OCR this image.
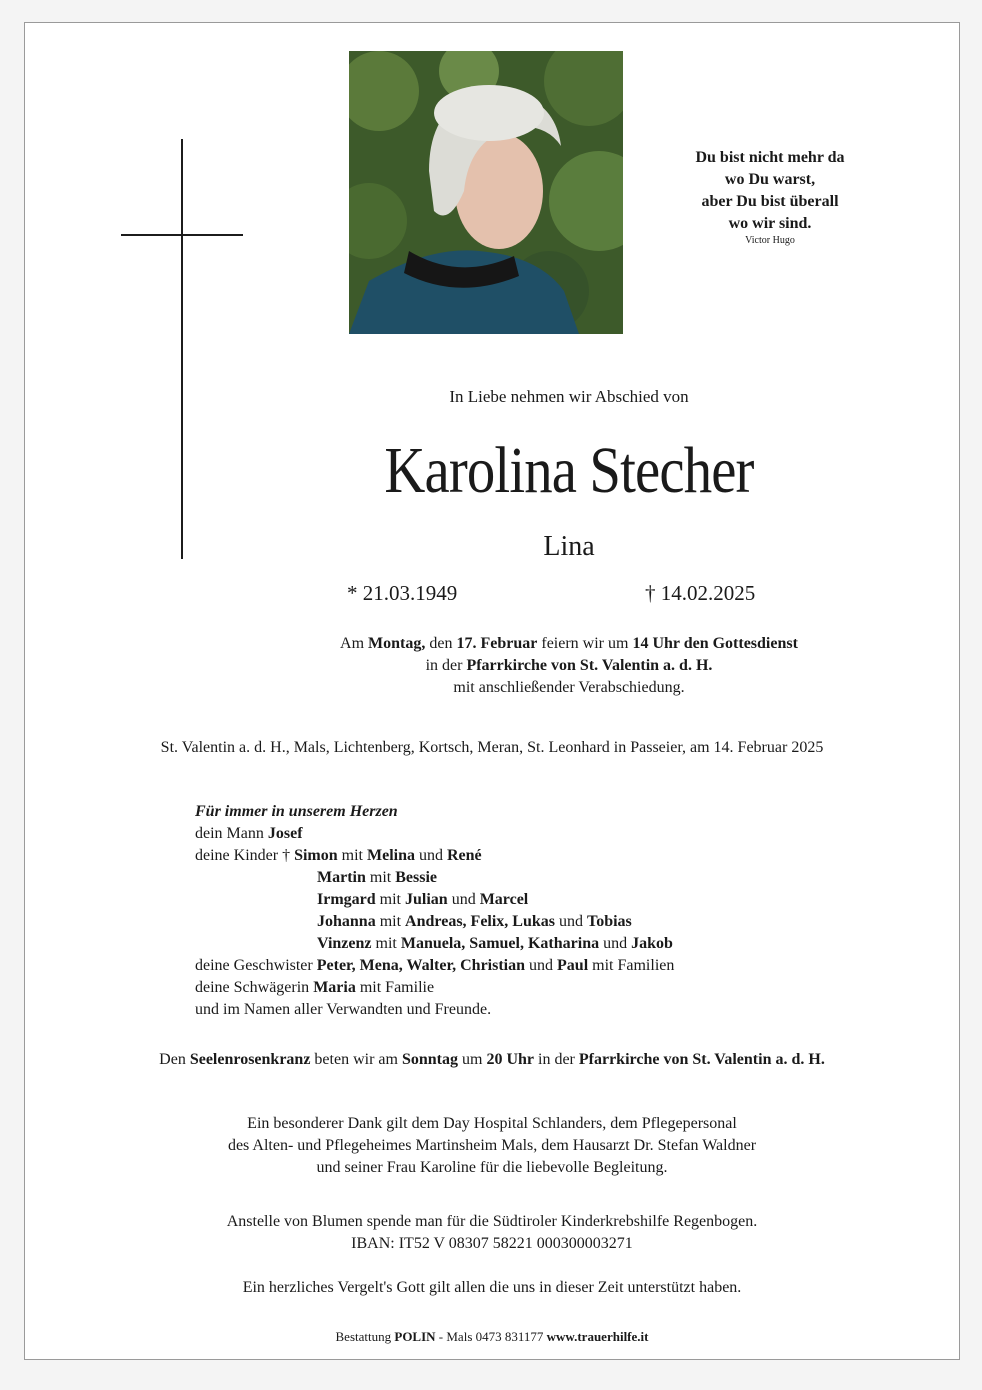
Du bist nicht mehr da
wo Du warst,
aber Du bist überall
wo wir sind.
Victor Hugo
In Liebe nehmen wir Abschied von
Karolina Stecher
Lina
* 21.03.1949	† 14.02.2025
Am Montag, den 17. Februar feiern wir um 14 Uhr den Gottesdienst
in der Pfarrkirche von St. Valentin a. d. H.
mit anschließender Verabschiedung.
St. Valentin a. d. H., Mals, Lichtenberg, Kortsch, Meran, St. Leonhard in Passeier, am 14. Februar 2025
Für immer in unserem Herzen
dein Mann Josef
deine Kinder † Simon mit Melina und René
Martin mit Bessie
Irmgard mit Julian und Marcel
Johanna mit Andreas, Felix, Lukas und Tobias
Vinzenz mit Manuela, Samuel, Katharina und Jakob
deine Geschwister Peter, Mena, Walter, Christian und Paul mit Familien
deine Schwägerin Maria mit Familie
und im Namen aller Verwandten und Freunde.
Den Seelenrosenkranz beten wir am Sonntag um 20 Uhr in der Pfarrkirche von St. Valentin a. d. H.
Ein besonderer Dank gilt dem Day Hospital Schlanders, dem Pflegepersonal
des Alten- und Pflegeheimes Martinsheim Mals, dem Hausarzt Dr. Stefan Waldner
und seiner Frau Karoline für die liebevolle Begleitung.
Anstelle von Blumen spende man für die Südtiroler Kinderkrebshilfe Regenbogen.
IBAN: IT52 V 08307 58221 000300003271
Ein herzliches Vergelt's Gott gilt allen die uns in dieser Zeit unterstützt haben.
Bestattung POLIN - Mals 0473 831177 www.trauerhilfe.it
